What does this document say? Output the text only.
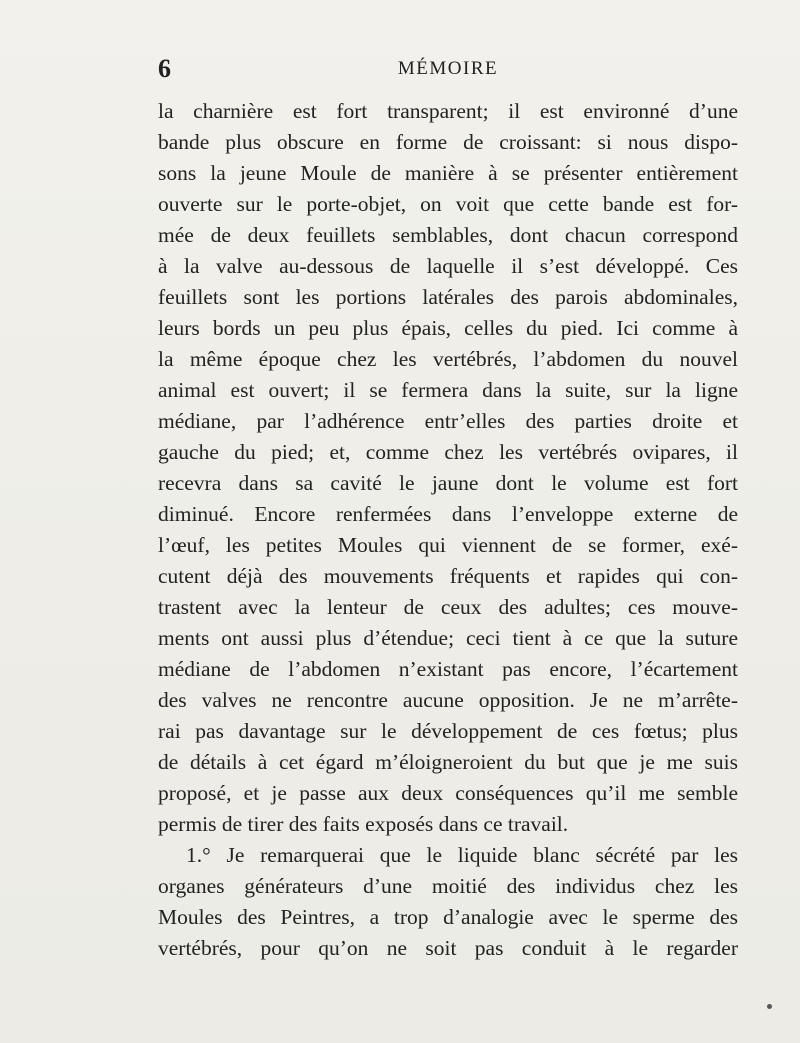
6	MÉMOIRE
la charnière est fort transparent; il est environné d’une
bande plus obscure en forme de croissant: si nous dispo-
sons la jeune Moule de manière à se présenter entièrement
ouverte sur le porte-objet, on voit que cette bande est for-
mée de deux feuillets semblables, dont chacun correspond
à la valve au-dessous de laquelle il s’est développé. Ces
feuillets sont les portions latérales des parois abdominales,
leurs bords un peu plus épais, celles du pied. Ici comme à
la même époque chez les vertébrés, l’abdomen du nouvel
animal est ouvert; il se fermera dans la suite, sur la ligne
médiane, par l’adhérence entr’elles des parties droite et
gauche du pied; et, comme chez les vertébrés ovipares, il
recevra dans sa cavité le jaune dont le volume est fort
diminué. Encore renfermées dans l’enveloppe externe de
l’œuf, les petites Moules qui viennent de se former, exé-
cutent déjà des mouvements fréquents et rapides qui con-
trastent avec la lenteur de ceux des adultes; ces mouve-
ments ont aussi plus d’étendue; ceci tient à ce que la suture
médiane de l’abdomen n’existant pas encore, l’écartement
des valves ne rencontre aucune opposition. Je ne m’arrête-
rai pas davantage sur le développement de ces fœtus; plus
de détails à cet égard m’éloigneroient du but que je me suis
proposé, et je passe aux deux conséquences qu’il me semble
permis de tirer des faits exposés dans ce travail.
1.° Je remarquerai que le liquide blanc sécrété par les
organes générateurs d’une moitié des individus chez les
Moules des Peintres, a trop d’analogie avec le sperme des
vertébrés, pour qu’on ne soit pas conduit à le regarder
